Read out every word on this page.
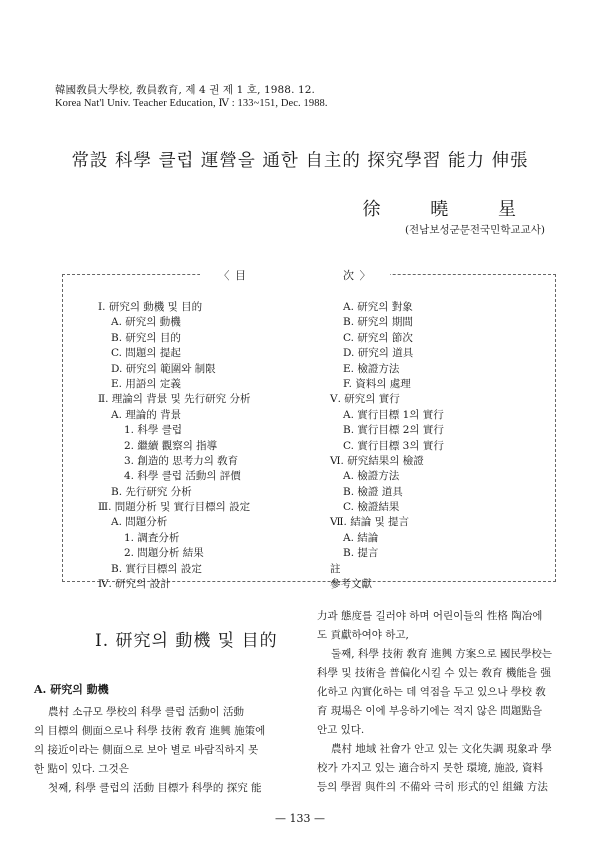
韓國敎員大學校, 敎員敎育, 제 4 권 제 1 호, 1988. 12.
Korea Nat'l Univ. Teacher Education, Ⅳ : 133~151, Dec. 1988.
常設 科學 클럽 運營을 通한 自主的 探究學習 能力 伸張
徐 曉 星
(전남보성군문전국민학교교사)
〈 目　　　　　　　　次 〉
Ⅰ. 研究의 動機 및 目的
A. 研究의 動機
B. 研究의 目的
C. 問題의 提起
D. 研究의 範圍와 制限
E. 用語의 定義
Ⅱ. 理論의 背景 및 先行研究 分析
A. 理論的 背景
1. 科學 클럽
2. 繼續 觀察의 指導
3. 創造的 思考力의 敎育
4. 科學 클럽 活動의 評價
B. 先行研究 分析
Ⅲ. 問題分析 및 實行目標의 設定
A. 問題分析
1. 調査分析
2. 問題分析 結果
B. 實行目標의 設定
Ⅳ. 研究의 設計
A. 研究의 對象
B. 研究의 期間
C. 研究의 節次
D. 研究의 道具
E. 檢證方法
F. 資料의 處理
Ⅴ. 研究의 實行
A. 實行目標 1의 實行
B. 實行目標 2의 實行
C. 實行目標 3의 實行
Ⅵ. 研究結果의 檢證
A. 檢證方法
B. 檢證 道具
C. 檢證結果
Ⅶ. 結論 및 提言
A. 結論
B. 提言
註
參考文獻
Ⅰ. 研究의 動機 및 目的
A. 研究의 動機
農村 소규모 學校의 科學 클럽 活動이 活動
의 目標의 側面으로나 科學 技術 敎育 進興 施策에
의 接近이라는 側面으로 보아 별로 바람직하지 못
한 點이 있다. 그것은
첫째, 科學 클럽의 活動 目標가 科學的 探究 能
力과 態度를 길러야 하며 어린이들의 性格 陶冶에
도 貢獻하여야 하고,
둘째, 科學 技術 敎育 進興 方案으로 國民學校는
科學 및 技術을 普偏化시킬 수 있는 敎育 機能을 强
化하고 內實化하는 데 역점을 두고 있으나 學校 敎
育 現場은 이에 부응하기에는 적지 않은 問題點을
안고 있다.
農村 地域 社會가 안고 있는 文化失調 現象과 學
校가 가지고 있는 適合하지 못한 環境, 施設, 資料
등의 學習 與件의 不備와 극히 形式的인 組織 方法
— 133 —
